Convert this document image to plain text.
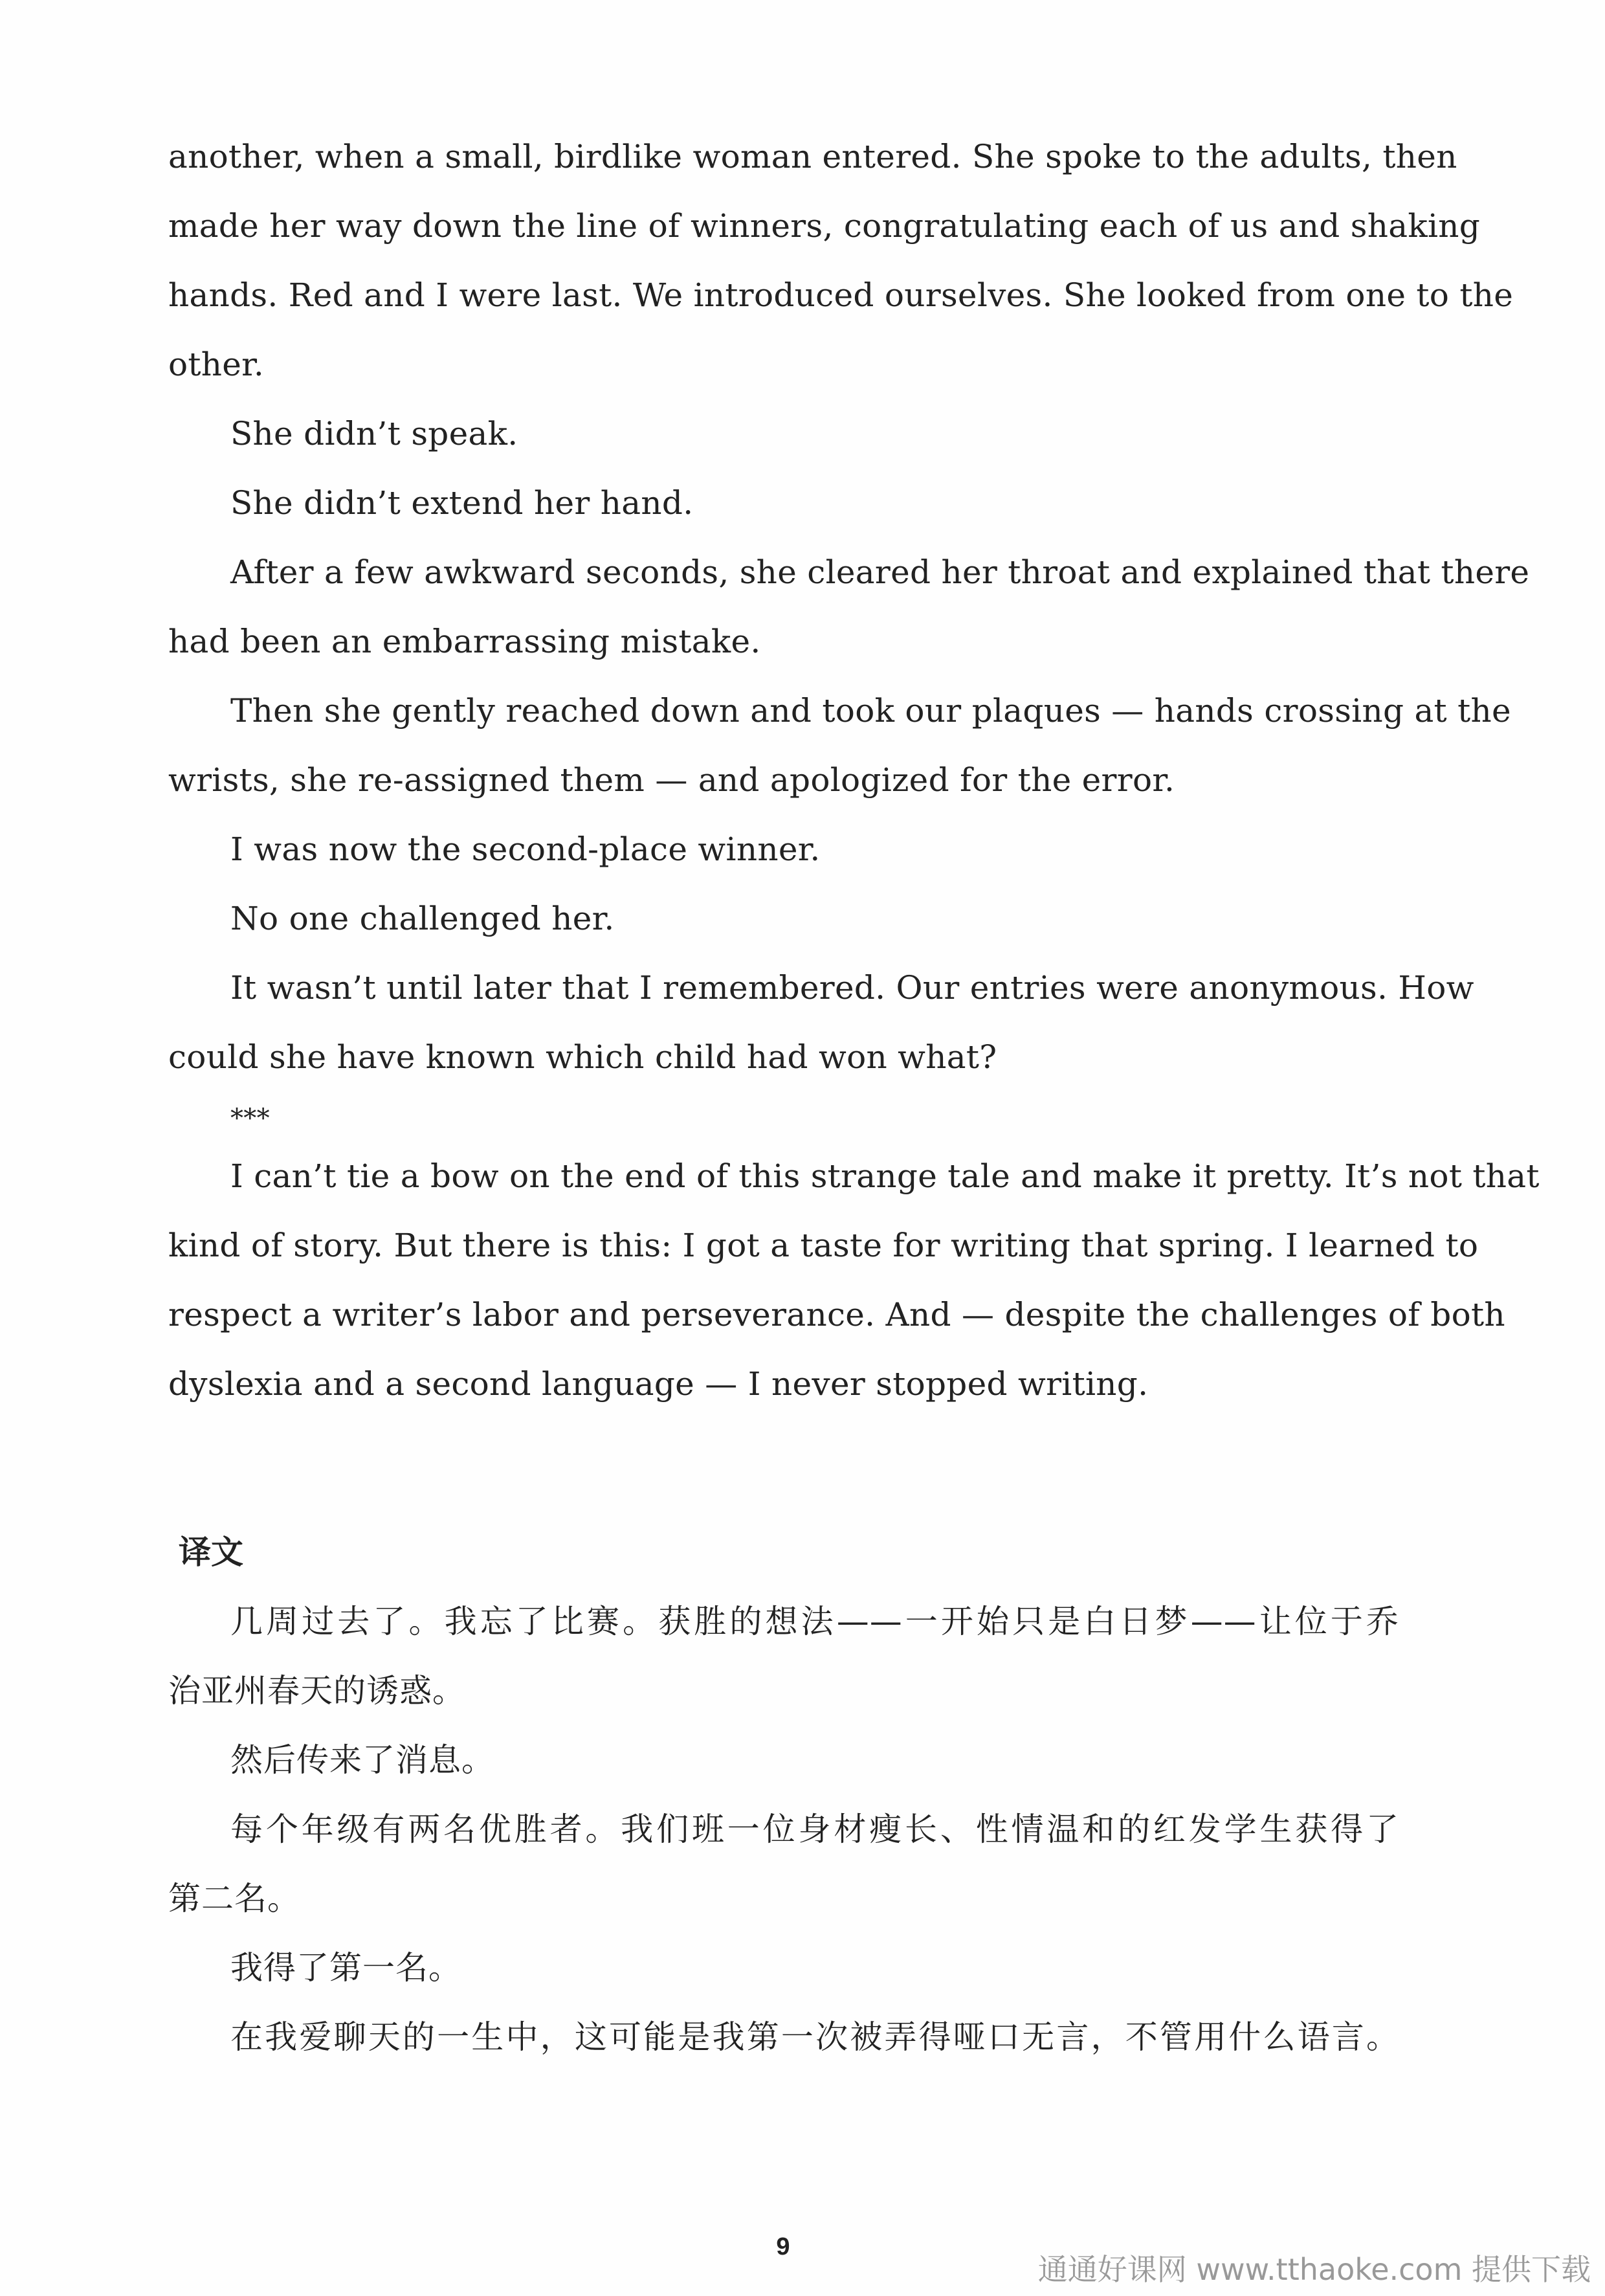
another, when a small, birdlike woman entered. She spoke to the adults, then
made her way down the line of winners, congratulating each of us and shaking
hands. Red and I were last. We introduced ourselves. She looked from one to the
other.
She didn’t speak.
She didn’t extend her hand.
After a few awkward seconds, she cleared her throat and explained that there
had been an embarrassing mistake.
Then she gently reached down and took our plaques — hands crossing at the
wrists, she re-assigned them — and apologized for the error.
I was now the second-place winner.
No one challenged her.
It wasn’t until later that I remembered. Our entries were anonymous. How
could she have known which child had won what?
***
I can’t tie a bow on the end of this strange tale and make it pretty. It’s not that
kind of story. But there is this: I got a taste for writing that spring. I learned to
respect a writer’s labor and perseverance. And — despite the challenges of both
dyslexia and a second language — I never stopped writing.
译文
几周过去了。我忘了比赛。获胜的想法——一开始只是白日梦——让位于乔
治亚州春天的诱惑。
然后传来了消息。
每个年级有两名优胜者。我们班一位身材瘦长、性情温和的红发学生获得了
第二名。
我得了第一名。
在我爱聊天的一生中，这可能是我第一次被弄得哑口无言，不管用什么语言。
9
通通好课网 www.tthaoke.com 提供下载
